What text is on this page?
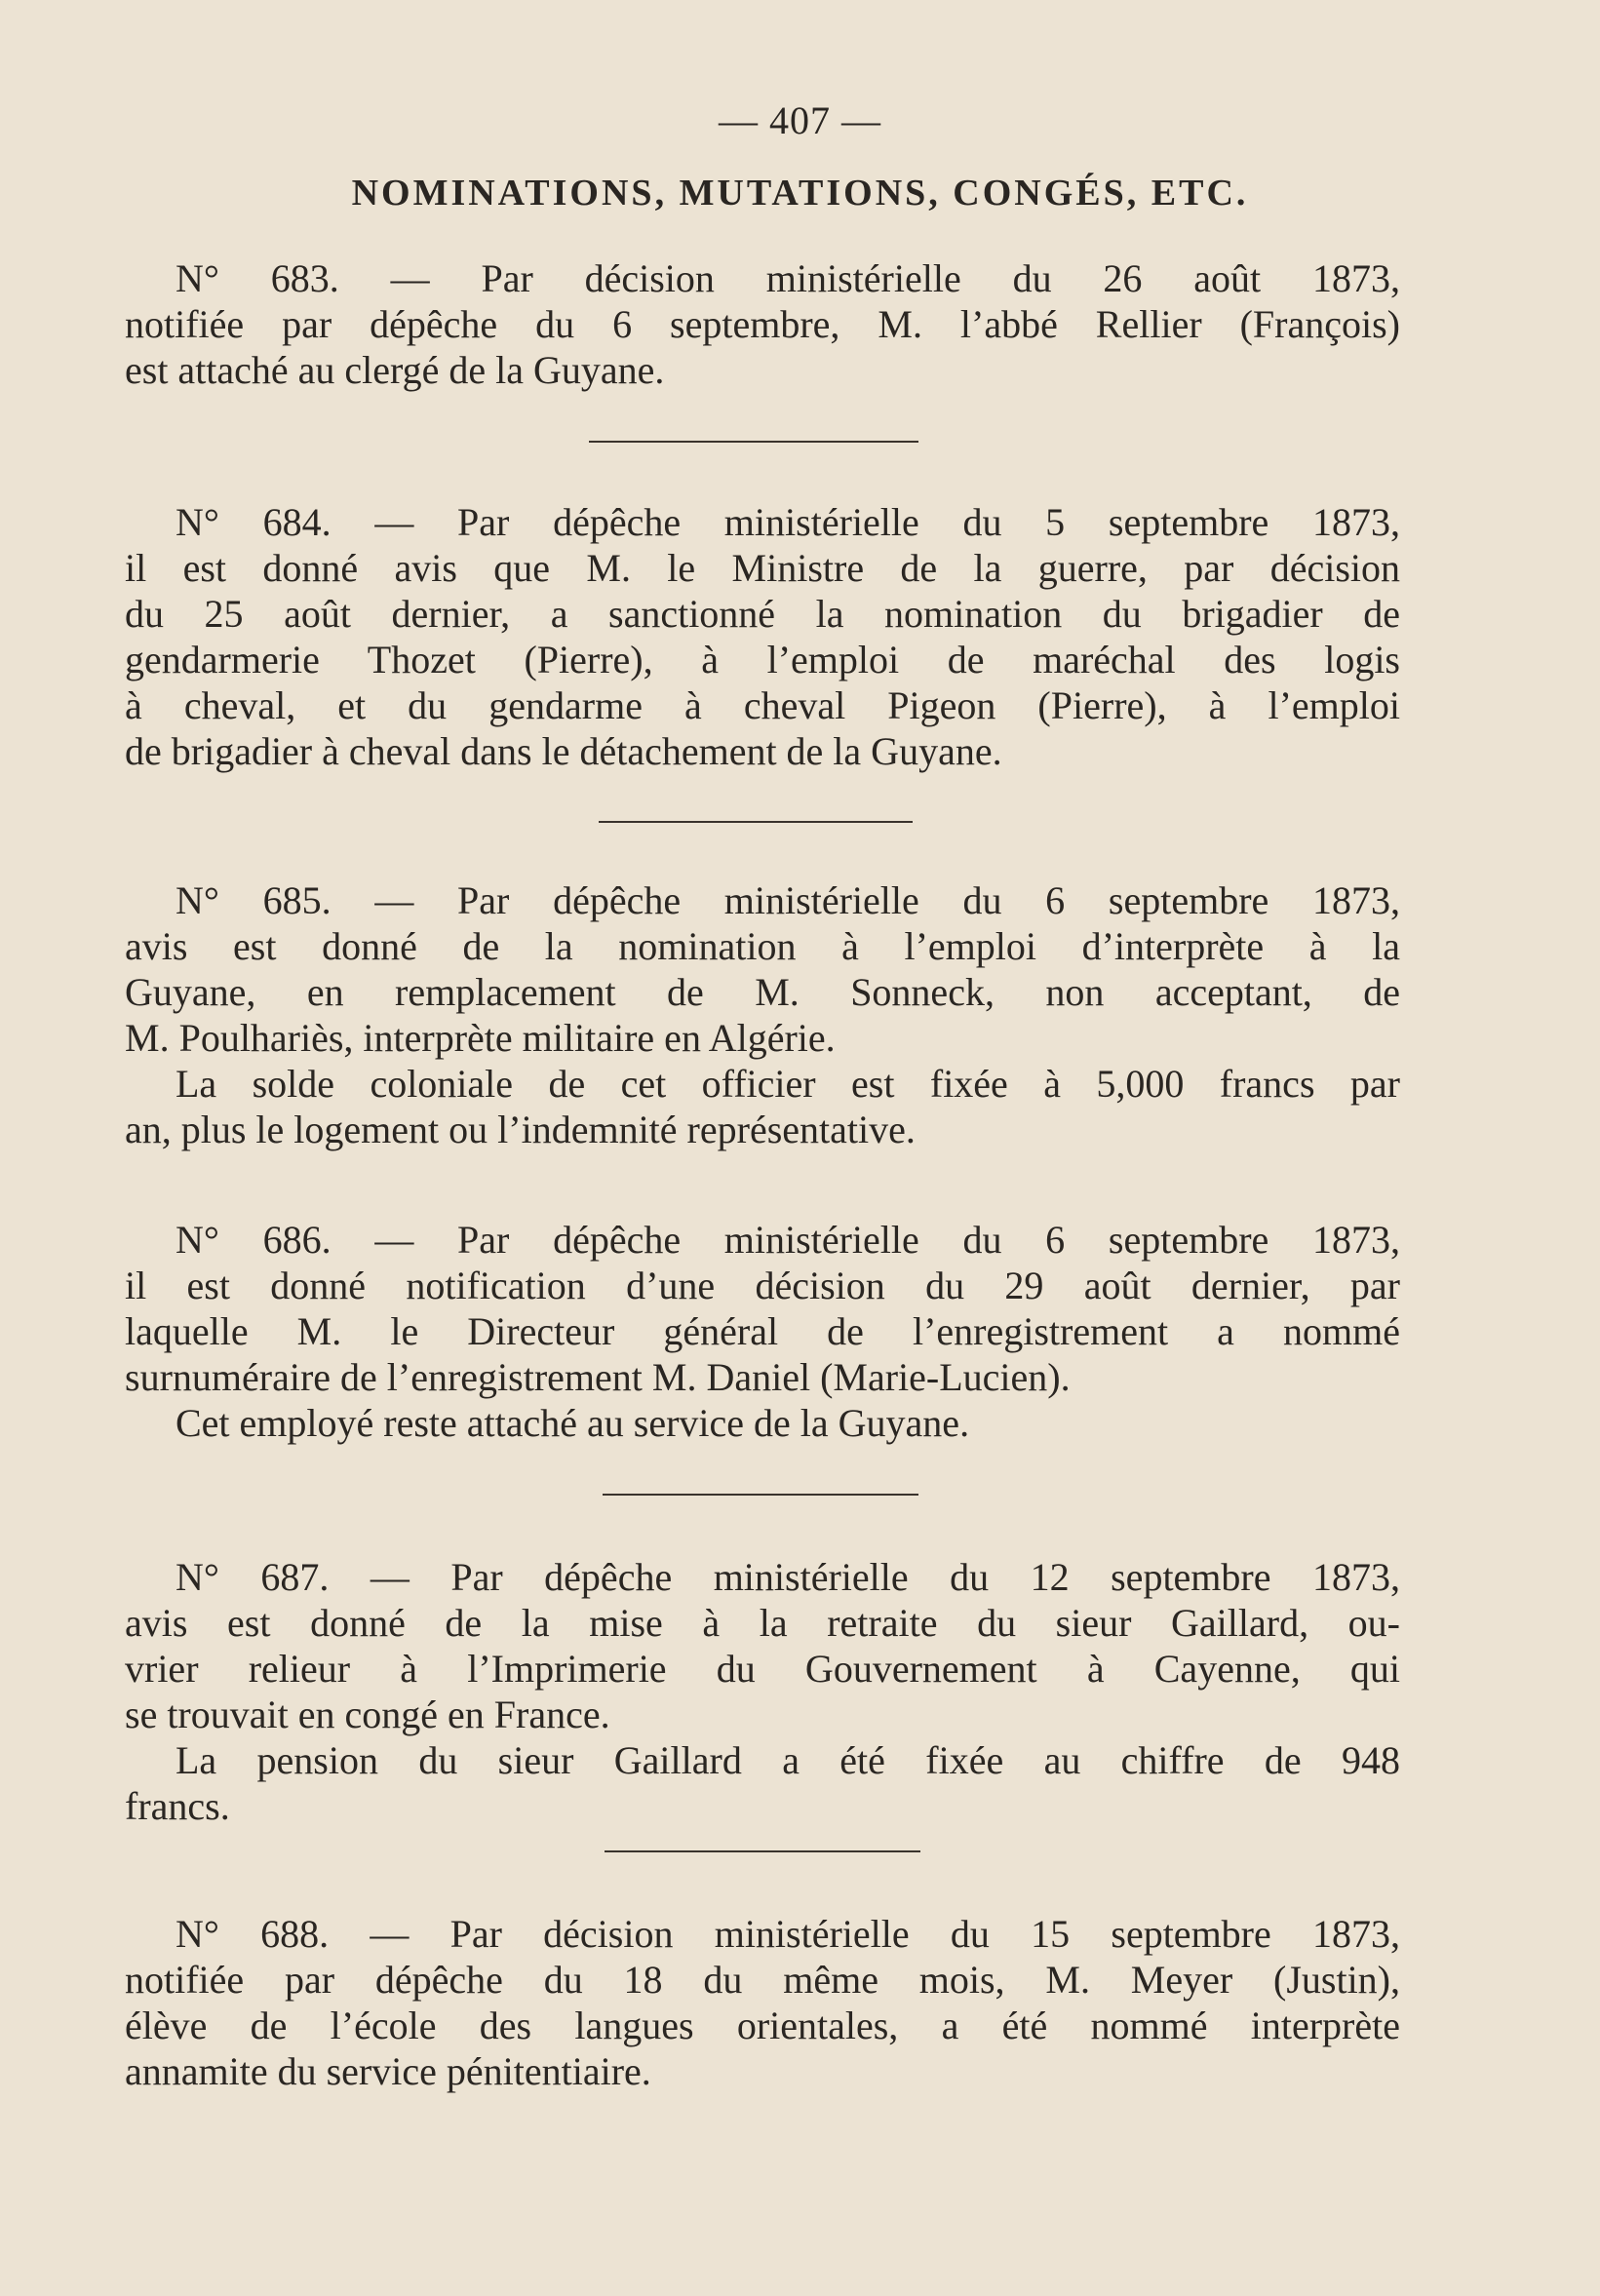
— 407 —
NOMINATIONS, MUTATIONS, CONGÉS, ETC.
N° 683. — Par décision ministérielle du 26 août 1873,
notifiée par dépêche du 6 septembre, M. l’abbé Rellier (François)
est attaché au clergé de la Guyane.
N° 684. — Par dépêche ministérielle du 5 septembre 1873,
il est donné avis que M. le Ministre de la guerre, par décision
du 25 août dernier, a sanctionné la nomination du brigadier de
gendarmerie Thozet (Pierre), à l’emploi de maréchal des logis
à cheval, et du gendarme à cheval Pigeon (Pierre), à l’emploi
de brigadier à cheval dans le détachement de la Guyane.
N° 685. — Par dépêche ministérielle du 6 septembre 1873,
avis est donné de la nomination à l’emploi d’interprète à la
Guyane, en remplacement de M. Sonneck, non acceptant, de
M. Poulhariès, interprète militaire en Algérie.
La solde coloniale de cet officier est fixée à 5,000 francs par
an, plus le logement ou l’indemnité représentative.
N° 686. — Par dépêche ministérielle du 6 septembre 1873,
il est donné notification d’une décision du 29 août dernier, par
laquelle M. le Directeur général de l’enregistrement a nommé
surnuméraire de l’enregistrement M. Daniel (Marie-Lucien).
Cet employé reste attaché au service de la Guyane.
N° 687. — Par dépêche ministérielle du 12 septembre 1873,
avis est donné de la mise à la retraite du sieur Gaillard, ou-
vrier relieur à l’Imprimerie du Gouvernement à Cayenne, qui
se trouvait en congé en France.
La pension du sieur Gaillard a été fixée au chiffre de 948
francs.
N° 688. — Par décision ministérielle du 15 septembre 1873,
notifiée par dépêche du 18 du même mois, M. Meyer (Justin),
élève de l’école des langues orientales, a été nommé interprète
annamite du service pénitentiaire.
